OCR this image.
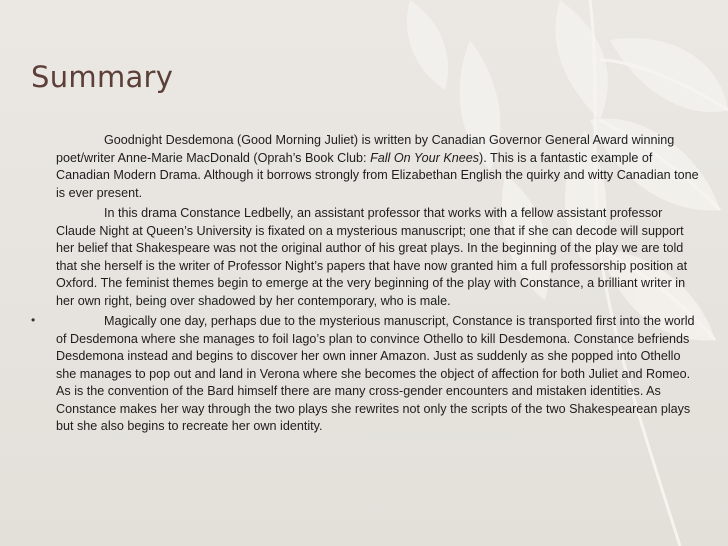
Summary
•

Goodnight Desdemona (Good Morning Juliet) is written by Canadian Governor General Award winning poet/writer Anne-Marie MacDonald (Oprah’s Book Club: Fall On Your Knees). This is a fantastic example of Canadian Modern Drama. Although it borrows strongly from Elizabethan English the quirky and witty Canadian tone is ever present.

In this drama Constance Ledbelly, an assistant professor that works with a fellow assistant professor Claude Night at Queen’s University is fixated on a mysterious manuscript; one that if she can decode will support her belief that Shakespeare was not the original author of his great plays. In the beginning of the play we are told that she herself is the writer of Professor Night’s papers that have now granted him a full professorship position at Oxford. The feminist themes begin to emerge at the very beginning of the play with Constance, a brilliant writer in her own right, being over shadowed by her contemporary, who is male.

Magically one day, perhaps due to the mysterious manuscript, Constance is transported first into the world of Desdemona where she manages to foil Iago’s plan to convince Othello to kill Desdemona. Constance befriends Desdemona instead and begins to discover her own inner Amazon. Just as suddenly as she popped into Othello she manages to pop out and land in Verona where she becomes the object of affection for both Juliet and Romeo. As is the convention of the Bard himself there are many cross-gender encounters and mistaken identities. As Constance makes her way through the two plays she rewrites not only the scripts of the two Shakespearean plays but she also begins to recreate her own identity.
